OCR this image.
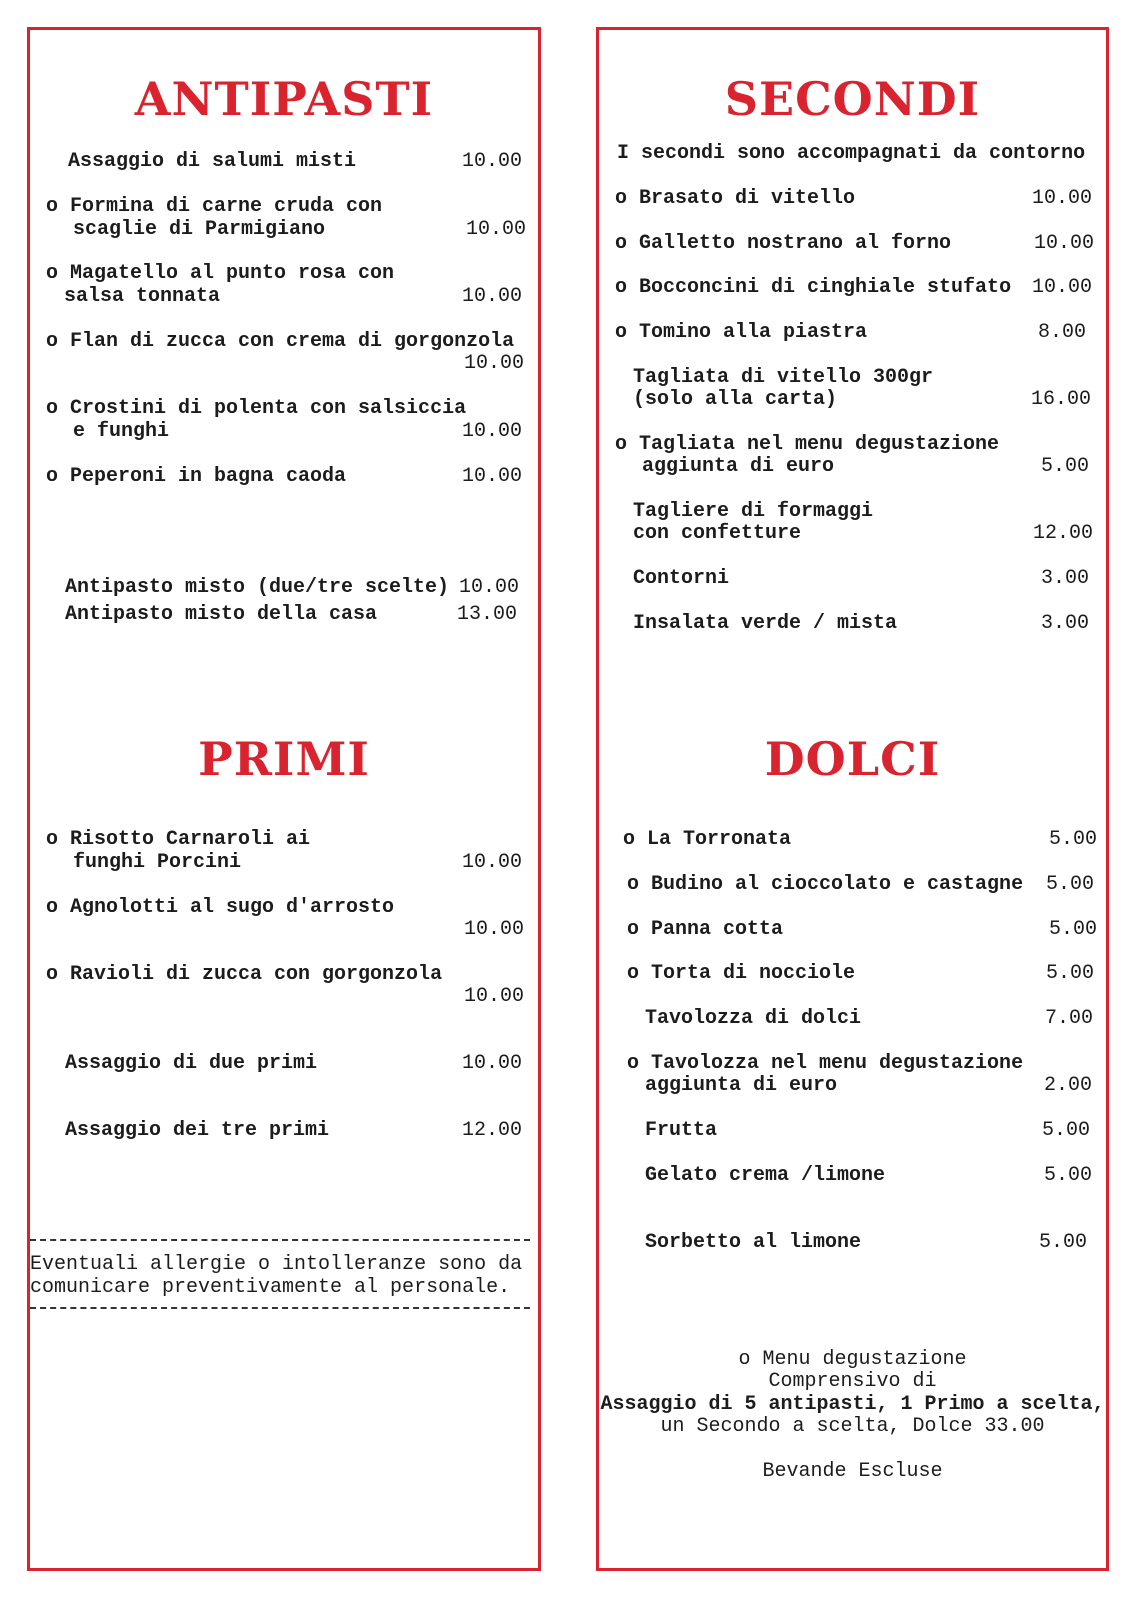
ANTIPASTI
Assaggio di salumi misti	10.00
o Formina di carne cruda con
scaglie di Parmigiano	10.00
o Magatello al punto rosa con
salsa tonnata	10.00
o Flan di zucca con crema di gorgonzola
10.00
o Crostini di polenta con salsiccia
e funghi	10.00
o Peperoni in bagna caoda	10.00
Antipasto misto (due/tre scelte) 10.00
Antipasto misto della casa	13.00
PRIMI
o Risotto Carnaroli ai
funghi Porcini	10.00
o Agnolotti al sugo d'arrosto
10.00
o Ravioli di zucca con gorgonzola
10.00
Assaggio di due primi	10.00
Assaggio dei tre primi	12.00
Eventuali allergie o intolleranze sono da
comunicare preventivamente al personale.
SECONDI
I secondi sono accompagnati da contorno
o Brasato di vitello	10.00
o Galletto nostrano al forno	10.00
o Bocconcini di cinghiale stufato 10.00
o Tomino alla piastra	8.00
Tagliata di vitello 300gr
(solo alla carta)	16.00
o Tagliata nel menu degustazione
aggiunta di euro	5.00
Tagliere di formaggi
con confetture	12.00
Contorni	3.00
Insalata verde / mista	3.00
DOLCI
o La Torronata	5.00
o Budino al cioccolato e castagne 5.00
o Panna cotta	5.00
o Torta di nocciole	5.00
Tavolozza di dolci	7.00
o Tavolozza nel menu degustazione
aggiunta di euro	2.00
Frutta	5.00
Gelato crema /limone	5.00
Sorbetto al limone	5.00
o Menu degustazione
Comprensivo di
Assaggio di 5 antipasti, 1 Primo a scelta,
un Secondo a scelta, Dolce 33.00
Bevande Escluse
